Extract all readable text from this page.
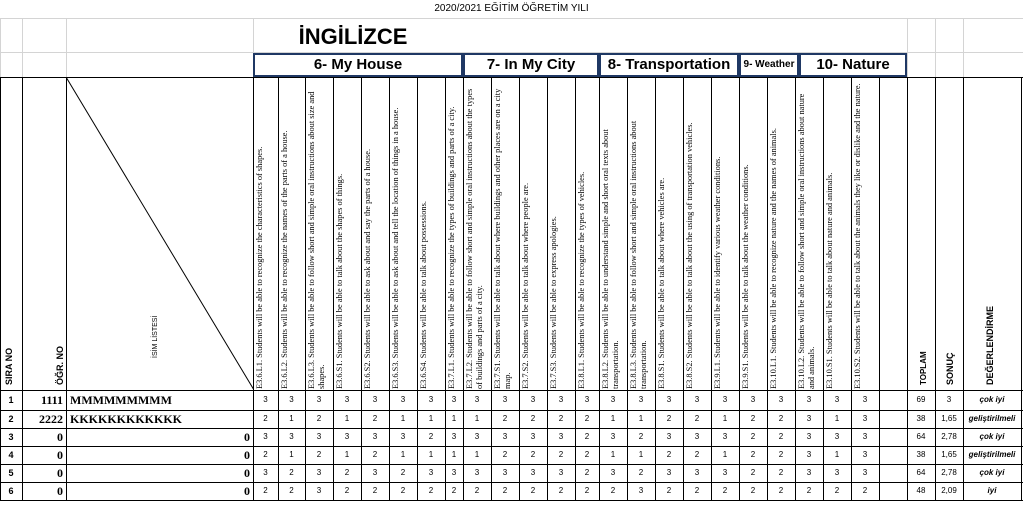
2020/2021 EĞİTİM ÖĞRETİM YILI
İNGİLİZCE
6- My House	7- In My City	8- Transportation	9- Weather	10- Nature
E3.6.L1. Students will be able to recognize the characteristics of shapes.	E3.6.L2. Students will be able to recognize the names of the parts of a house.	E3.6.L3. Students will be able to follow short and simple oral instructions about size and shapes.	E3.6.S1. Students will be able to talk about the shapes of things.	E3.6.S2. Students will be able to ask about and say the parts of a house.	E3.6.S3. Students will be able to ask about and tell the location of things in a house.	E3.6.S4. Students will be able to talk about possessions.	E3.7.L1. Students will be able to recognize the types of buildings and parts of a city.	E3.7.L2. Students will be able to follow short and simple oral instructions about the types of buildings and parts of a city.	E3.7.S1. Students will be able to talk about where buildings and other places are on a city map.	E3.7.S2. Students will be able to talk about where people are.	E3.7.S3. Students will be able to express apologies.	E3.8.L1. Students will be able to recognize the types of vehicles.	E3.8.L2. Students will be able to understand simple and short oral texts about transportation.	E3.8.L3. Students will be able to follow short and simple oral instructions about transportation.	E3.8.S1. Students will be able to talk about where vehicles are.	E3.8.S2. Students will be able to talk about the using of transportation vehicles.	E3.9.L1. Students will be able to identify various weather conditions.	E3.9.S1. Students will be able to talk about the weather conditions.	E3.10.L1. Students will be able to recognize nature and the names of animals.	E3.10.L2. Students will be able to follow short and simple oral instructions about nature and animals.	E3.10.S1. Students will be able to talk about nature and animals.	E3.10.S2. Students will be able to talk about the animals they like or dislike and the nature.
SIRA NO	ÖĞR. NO
İSİM LİSTESİ
TOPLAM SONUÇ	DEĞERLENDİRME
1	1111 MMMMMMMMM	3	3	3	3	3	3	3	3	3	3	3	3	3	3	3	3	3	3	3	3	3	3	3	69	3	çok iyi
2	2222 KKKKKKKKKKKK	2	1	2	1	2	1	1	1	1	2	2	2	2	1	1	2	2	1	2	2	3	1	3	38	1,65	geliştirilmeli
3	0	0	3	3	3	3	3	3	2	3	3	3	3	3	2	3	2	3	3	3	2	2	3	3	3	64	2,78	çok iyi
4	0	0	2	1	2	1	2	1	1	1	1	2	2	2	2	1	1	2	2	1	2	2	3	1	3	38	1,65	geliştirilmeli
5	0	0	3	2	3	2	3	2	3	3	3	3	3	3	2	3	2	3	3	3	2	2	3	3	3	64	2,78	çok iyi
6	0	0	2	2	3	2	2	2	2	2	2	2	2	2	2	2	3	2	2	2	2	2	2	2	2	48	2,09	iyi
